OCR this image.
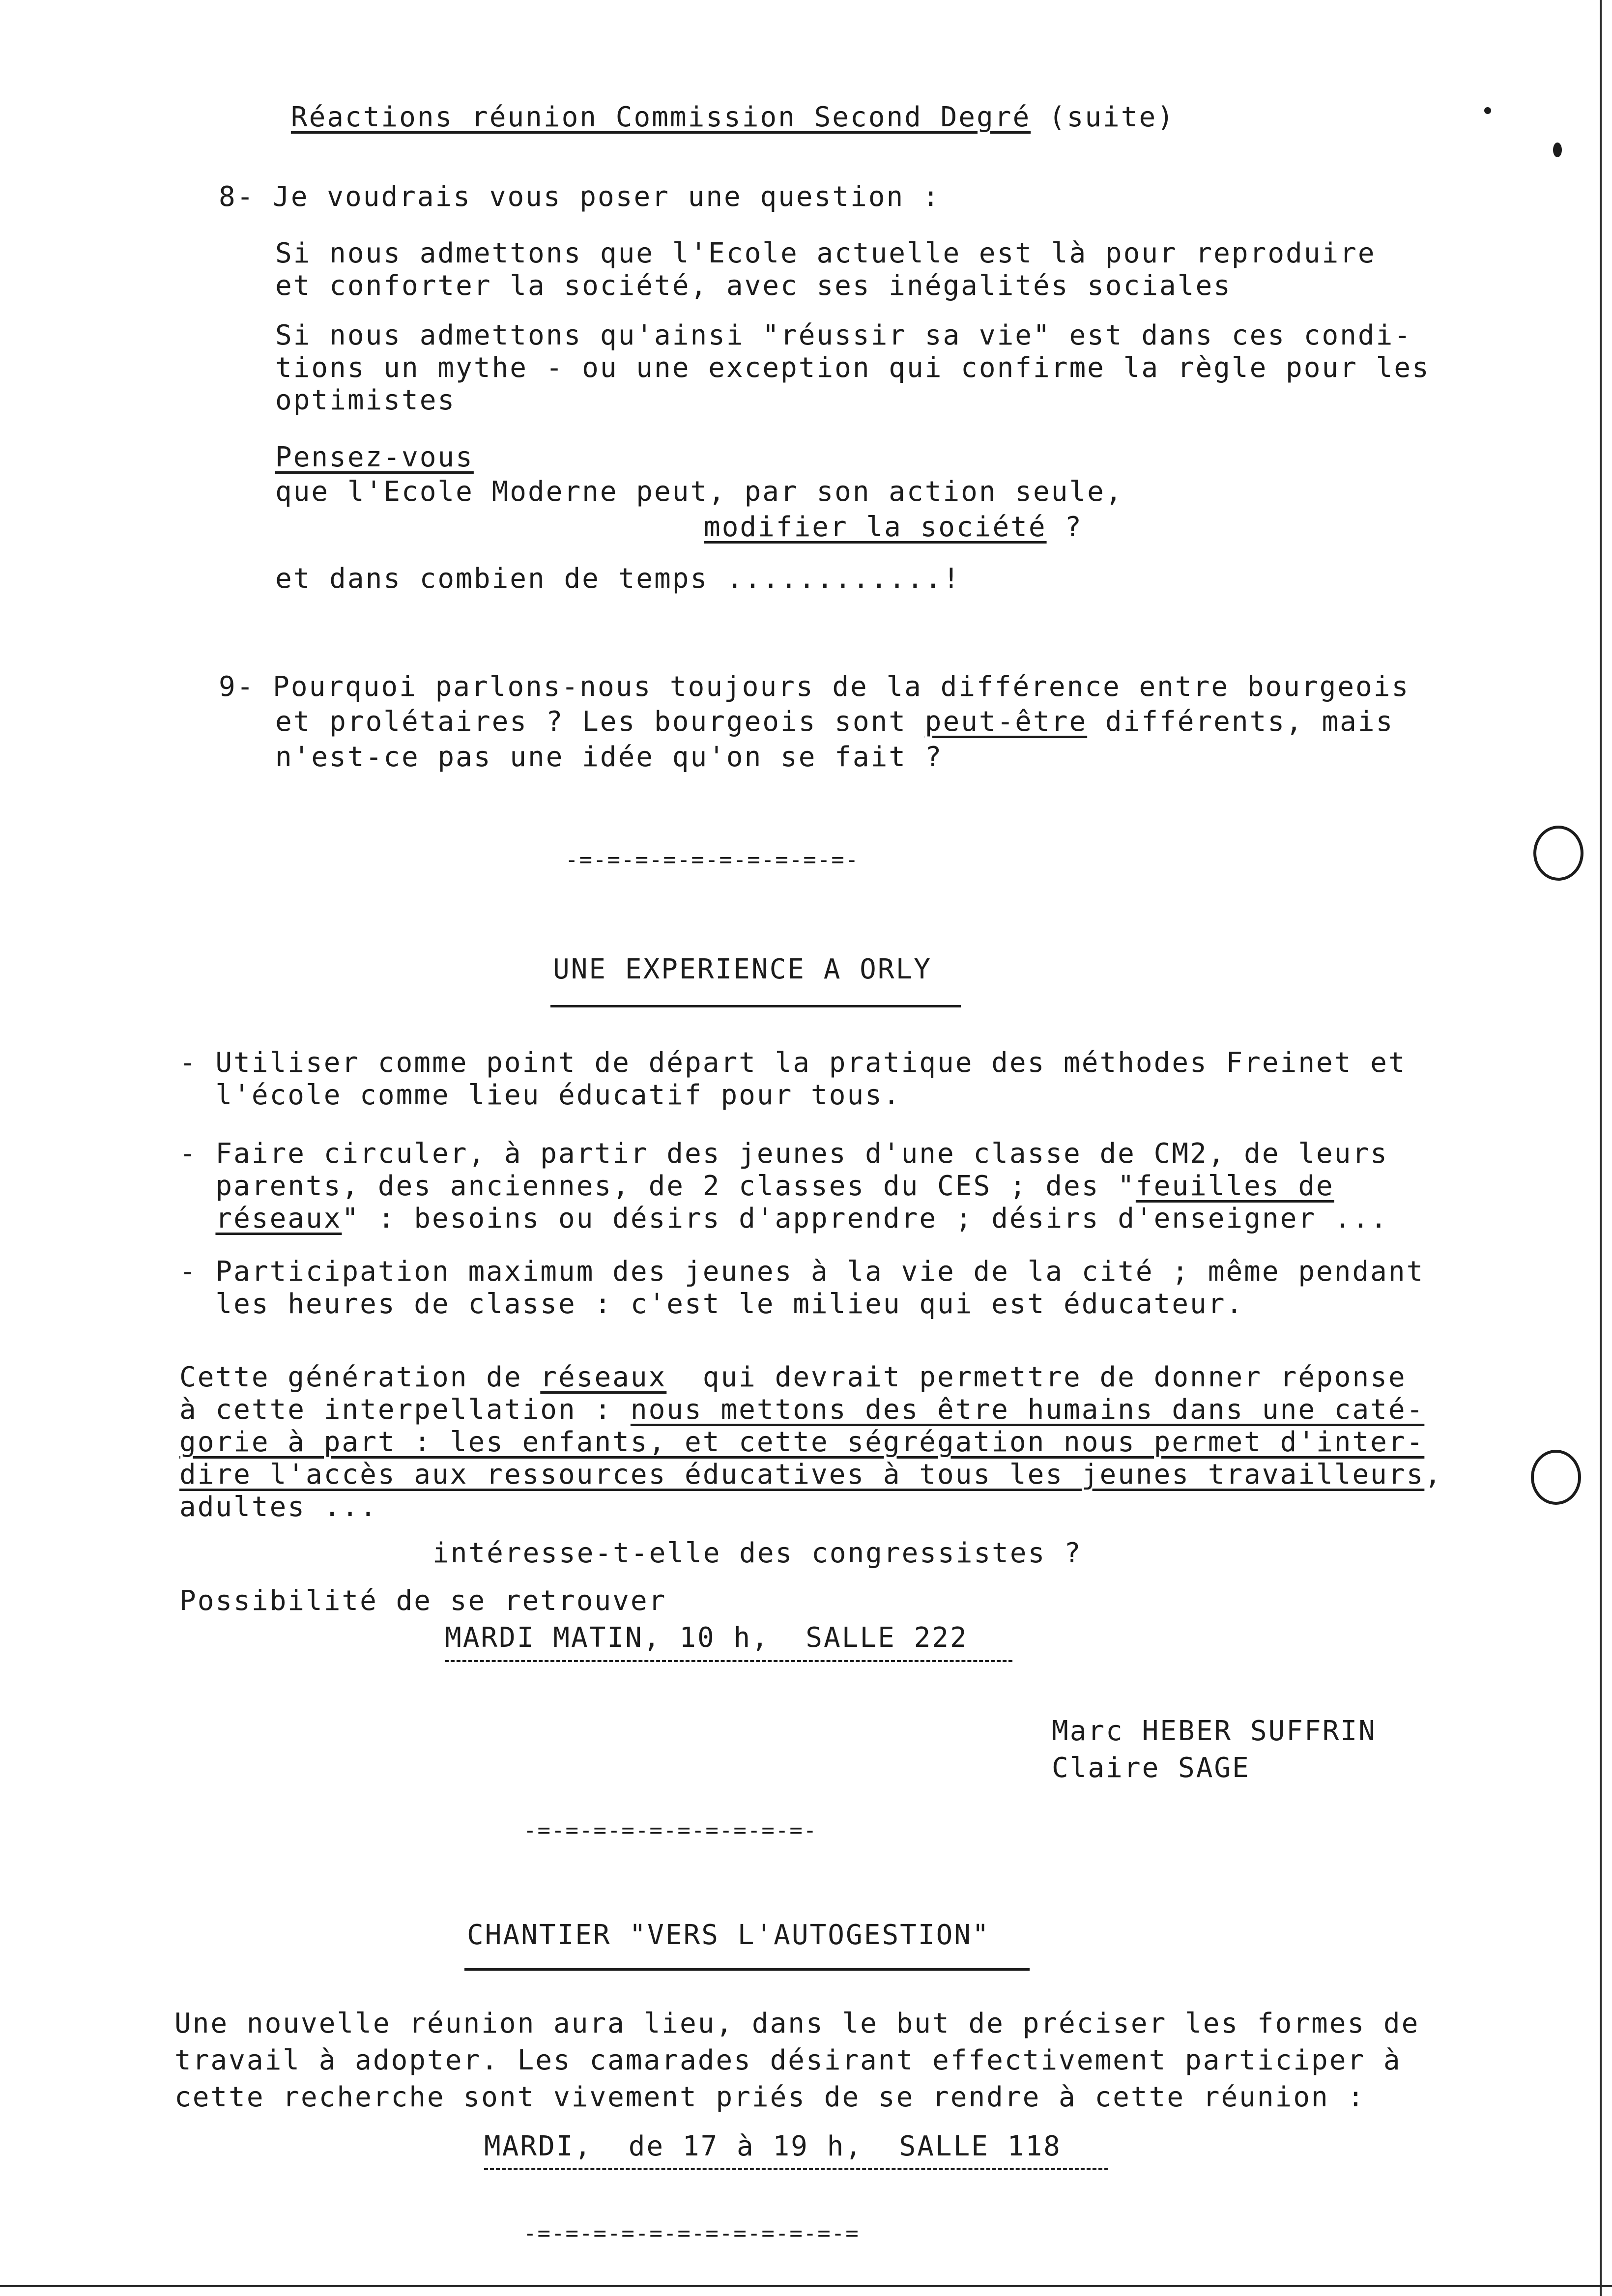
Réactions réunion Commission Second Degré (suite)

8- Je voudrais vous poser une question :
Si nous admettons que l'Ecole actuelle est là pour reproduire
et conforter la société, avec ses inégalités sociales
Si nous admettons qu'ainsi "réussir sa vie" est dans ces condi-
tions un mythe - ou une exception qui confirme la règle pour les
optimistes
Pensez-vous
que l'Ecole Moderne peut, par son action seule,
modifier la société ?
et dans combien de temps ............!
9- Pourquoi parlons-nous toujours de la différence entre bourgeois
et prolétaires ? Les bourgeois sont peut-être différents, mais
n'est-ce pas une idée qu'on se fait ?
-=-=-=-=-=-=-=-=-=-=-
UNE EXPERIENCE A ORLY
- Utiliser comme point de départ la pratique des méthodes Freinet et
l'école comme lieu éducatif pour tous.
- Faire circuler, à partir des jeunes d'une classe de CM2, de leurs
parents, des anciennes, de 2 classes du CES ; des "feuilles de
réseaux" : besoins ou désirs d'apprendre ; désirs d'enseigner ...
- Participation maximum des jeunes à la vie de la cité ; même pendant
les heures de classe : c'est le milieu qui est éducateur.
Cette génération de réseaux  qui devrait permettre de donner réponse
à cette interpellation : nous mettons des être humains dans une caté-
gorie à part : les enfants, et cette ségrégation nous permet d'inter-
dire l'accès aux ressources éducatives à tous les jeunes travailleurs,
adultes ...
intéresse-t-elle des congressistes ?
Possibilité de se retrouver
MARDI MATIN, 10 h,  SALLE 222
Marc HEBER SUFFRIN
Claire SAGE
-=-=-=-=-=-=-=-=-=-=-
CHANTIER "VERS L'AUTOGESTION"
Une nouvelle réunion aura lieu, dans le but de préciser les formes de
travail à adopter. Les camarades désirant effectivement participer à
cette recherche sont vivement priés de se rendre à cette réunion :
MARDI,  de 17 à 19 h,  SALLE 118
-=-=-=-=-=-=-=-=-=-=-=-=
